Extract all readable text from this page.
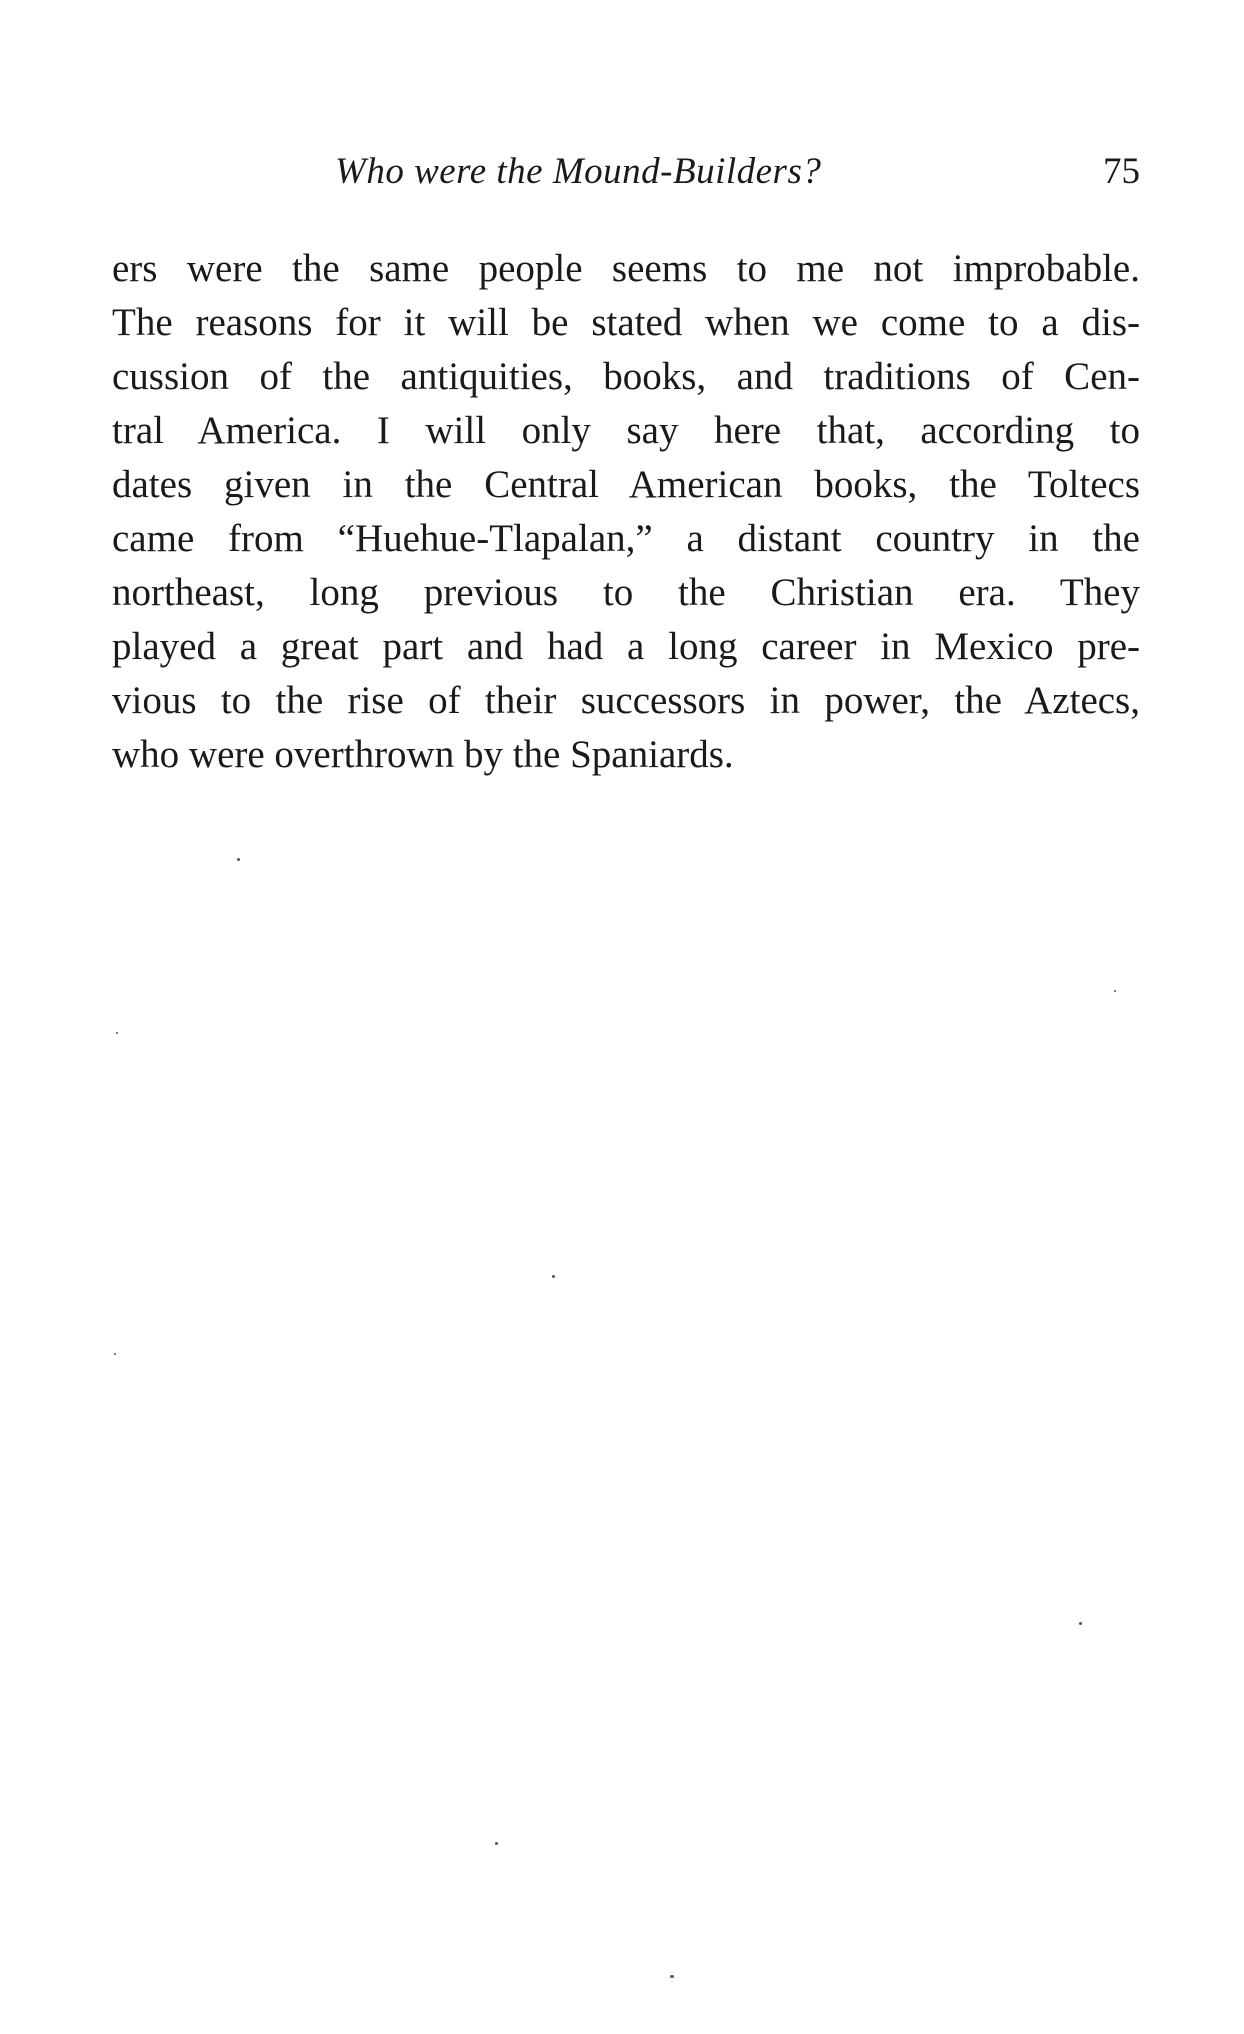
Who were the Mound-Builders?	75
ers were the same people seems to me not improbable.
The reasons for it will be stated when we come to a dis-
cussion of the antiquities, books, and traditions of Cen-
tral America. I will only say here that, according to
dates given in the Central American books, the Toltecs
came from “Huehue-Tlapalan,” a distant country in the
northeast, long previous to the Christian era. They
played a great part and had a long career in Mexico pre-
vious to the rise of their successors in power, the Aztecs,
who were overthrown by the Spaniards.
